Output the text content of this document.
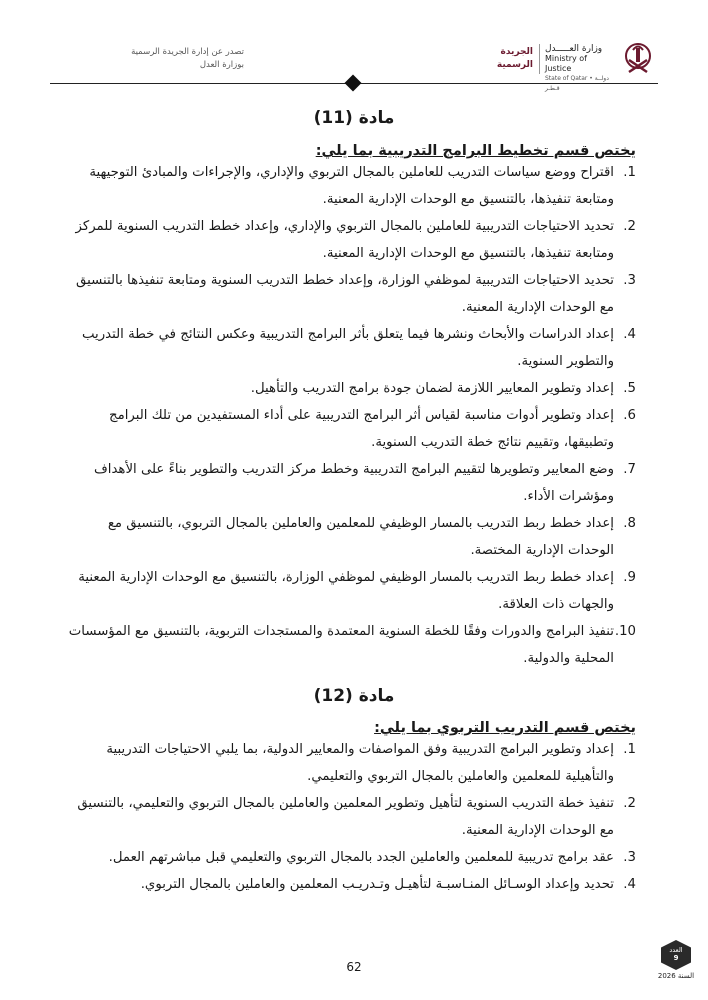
تصدر عن إدارة الجريدة الرسمية
بوزارة العدل
وزارة العـــــدل
Ministry of Justice
State of Qatar • دولــة قـطـر
الجريدة
الرسمية
مادة (11)

يختص قسم تخطيط البرامج التدريبية بما يلي:

1.
اقتراح ووضع سياسات التدريب للعاملين بالمجال التربوي والإداري، والإجراءات والمبادئ التوجيهية ومتابعة تنفيذها، بالتنسيق مع الوحدات الإدارية المعنية.
2.
تحديد الاحتياجات التدريبية للعاملين بالمجال التربوي والإداري، وإعداد خطط التدريب السنوية للمركز ومتابعة تنفيذها، بالتنسيق مع الوحدات الإدارية المعنية.
3.
تحديد الاحتياجات التدريبية لموظفي الوزارة، وإعداد خطط التدريب السنوية ومتابعة تنفيذها بالتنسيق مع الوحدات الإدارية المعنية.
4.
إعداد الدراسات والأبحاث ونشرها فيما يتعلق بأثر البرامج التدريبية وعكس النتائج في خطة التدريب والتطوير السنوية.
5.
إعداد وتطوير المعايير اللازمة لضمان جودة برامج التدريب والتأهيل.
6.
إعداد وتطوير أدوات مناسبة لقياس أثر البرامج التدريبية على أداء المستفيدين من تلك البرامج وتطبيقها، وتقييم نتائج خطة التدريب السنوية.
7.
وضع المعايير وتطويرها لتقييم البرامج التدريبية وخطط مركز التدريب والتطوير بناءً على الأهداف ومؤشرات الأداء.
8.
إعداد خطط ربط التدريب بالمسار الوظيفي للمعلمين والعاملين بالمجال التربوي، بالتنسيق مع الوحدات الإدارية المختصة.
9.
إعداد خطط ربط التدريب بالمسار الوظيفي لموظفي الوزارة، بالتنسيق مع الوحدات الإدارية المعنية والجهات ذات العلاقة.
10.
تنفيذ البرامج والدورات وفقًا للخطة السنوية المعتمدة والمستجدات التربوية، بالتنسيق مع المؤسسات المحلية والدولية.
مادة (12)

يختص قسم التدريب التربوي بما يلي:

1.
إعداد وتطوير البرامج التدريبية وفق المواصفات والمعايير الدولية، بما يلبي الاحتياجات التدريبية والتأهيلية للمعلمين والعاملين بالمجال التربوي والتعليمي.
2.
تنفيذ خطة التدريب السنوية لتأهيل وتطوير المعلمين والعاملين بالمجال التربوي والتعليمي، بالتنسيق مع الوحدات الإدارية المعنية.
3.
عقد برامج تدريبية للمعلمين والعاملين الجدد بالمجال التربوي والتعليمي قبل مباشرتهم العمل.
4.
تحديد وإعداد الوسـائل المنـاسبـة لتأهيـل وتـدريـب المعلمين والعاملين بالمجال التربوي.
62
العدد
9
السنة 2026
